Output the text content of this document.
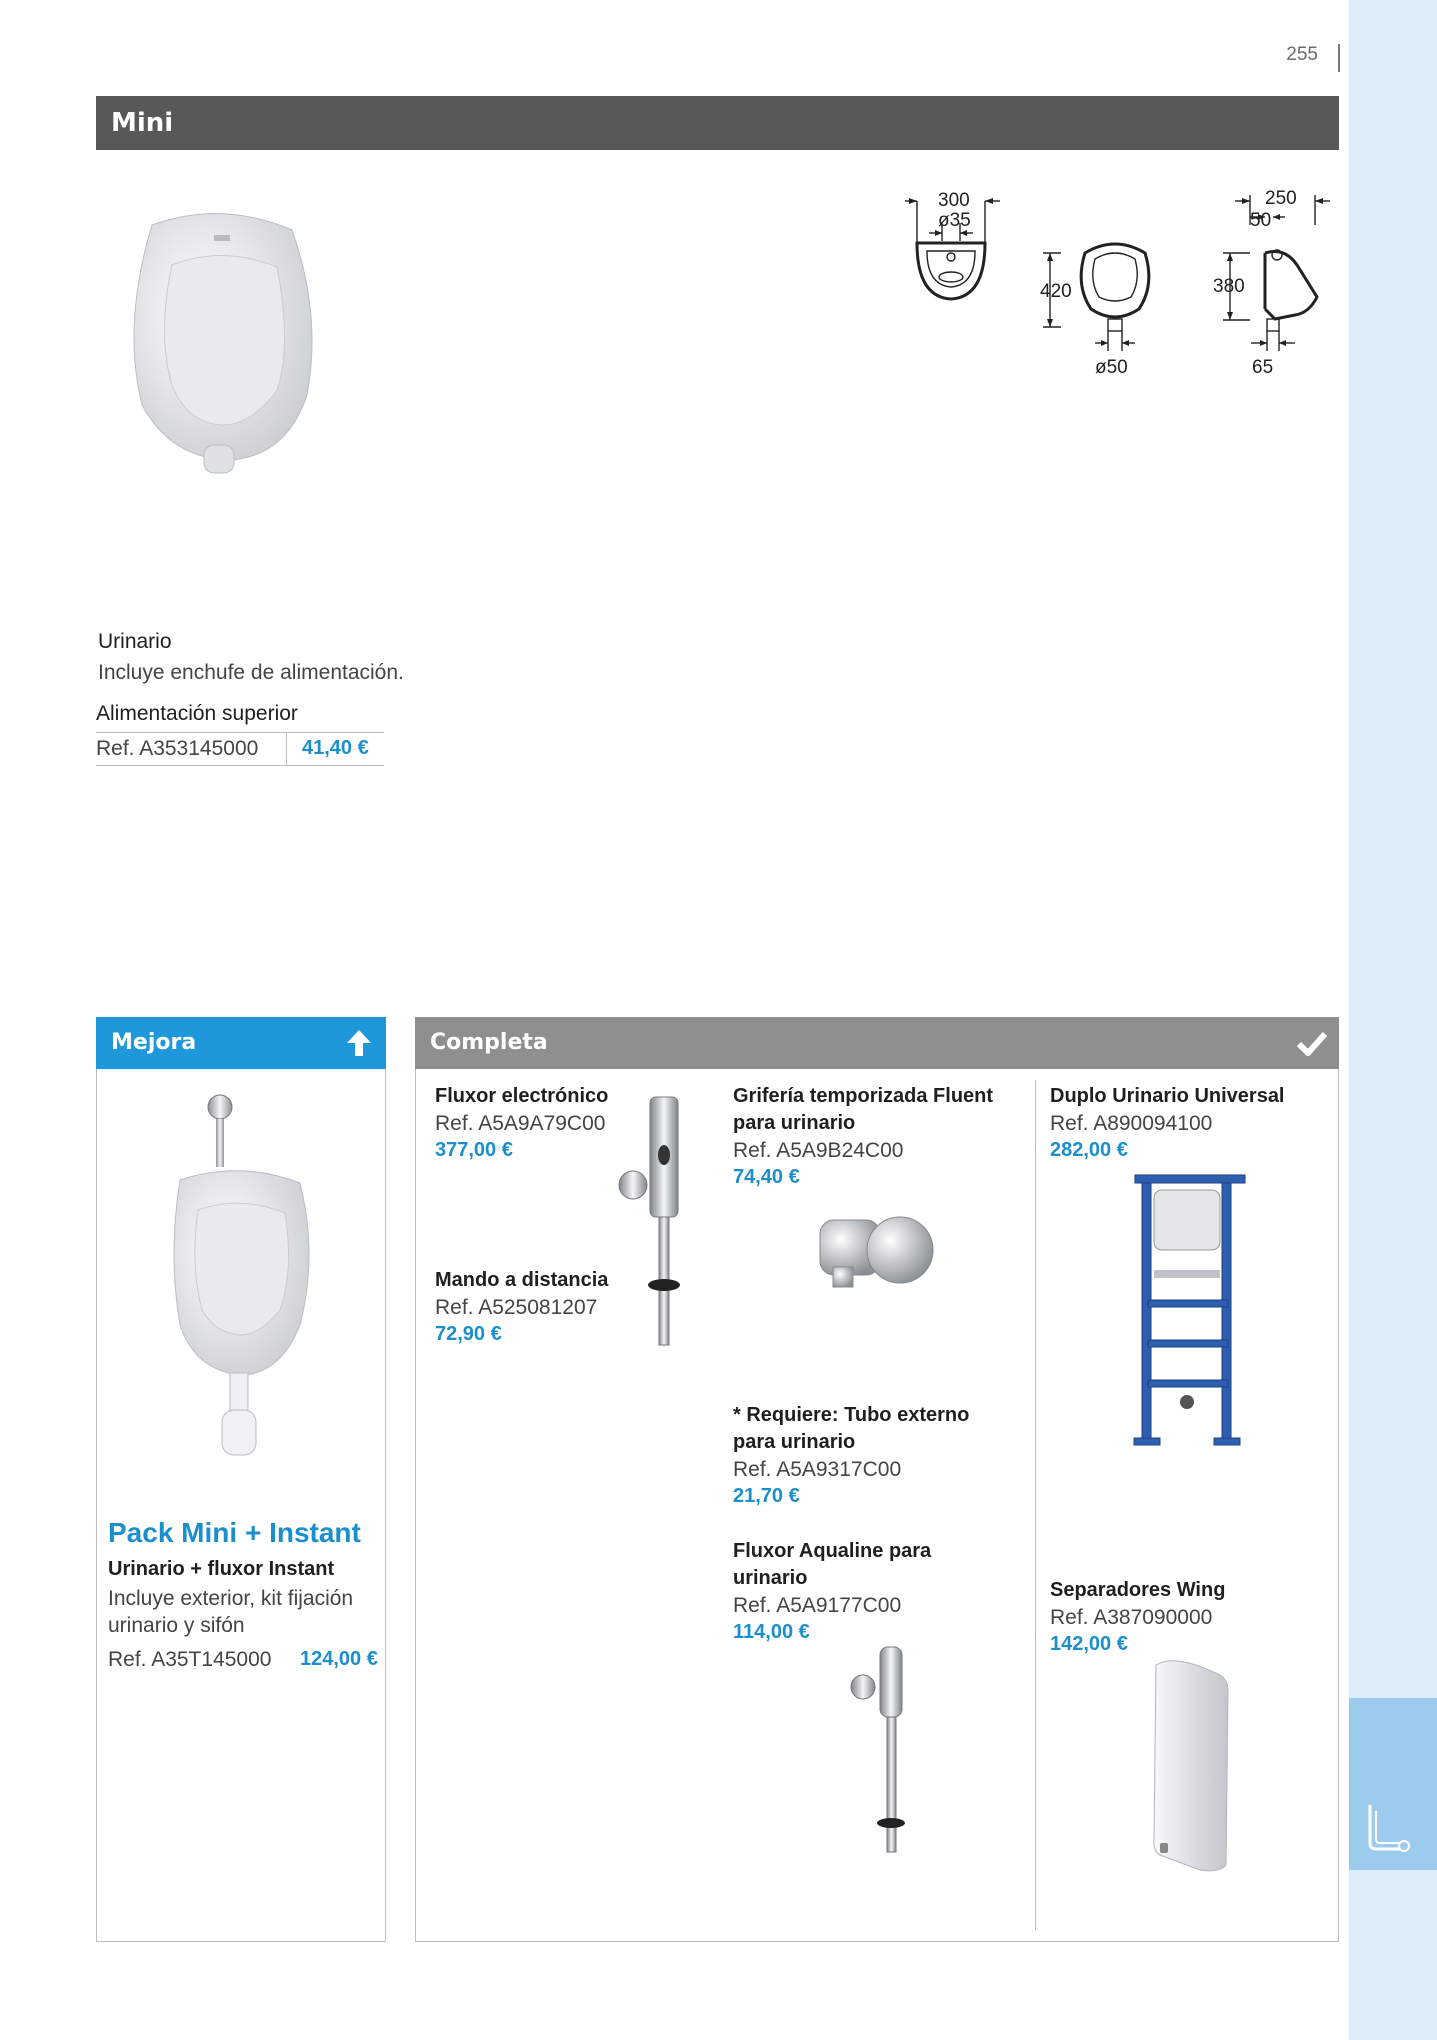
255
Mini
300
ø35
420
ø50
250
50
380
65
Urinario
Incluye enchufe de alimentación.
Alimentación superior
Ref. A353145000 41,40 €
Mejora
Pack Mini + Instant
Urinario + fluxor Instant
Incluye exterior, kit fijación urinario y sifón
Ref. A35T145000 124,00 €
Completa
Fluxor electrónico
Ref. A5A9A79C00
377,00 €
Mando a distancia
Ref. A525081207
72,90 €
Grifería temporizada Fluent
para urinario
Ref. A5A9B24C00
74,40 €
* Requiere: Tubo externo
para urinario
Ref. A5A9317C00
21,70 €
Fluxor Aqualine para
urinario
Ref. A5A9177C00
114,00 €
Duplo Urinario Universal
Ref. A890094100
282,00 €
Separadores Wing
Ref. A387090000
142,00 €
